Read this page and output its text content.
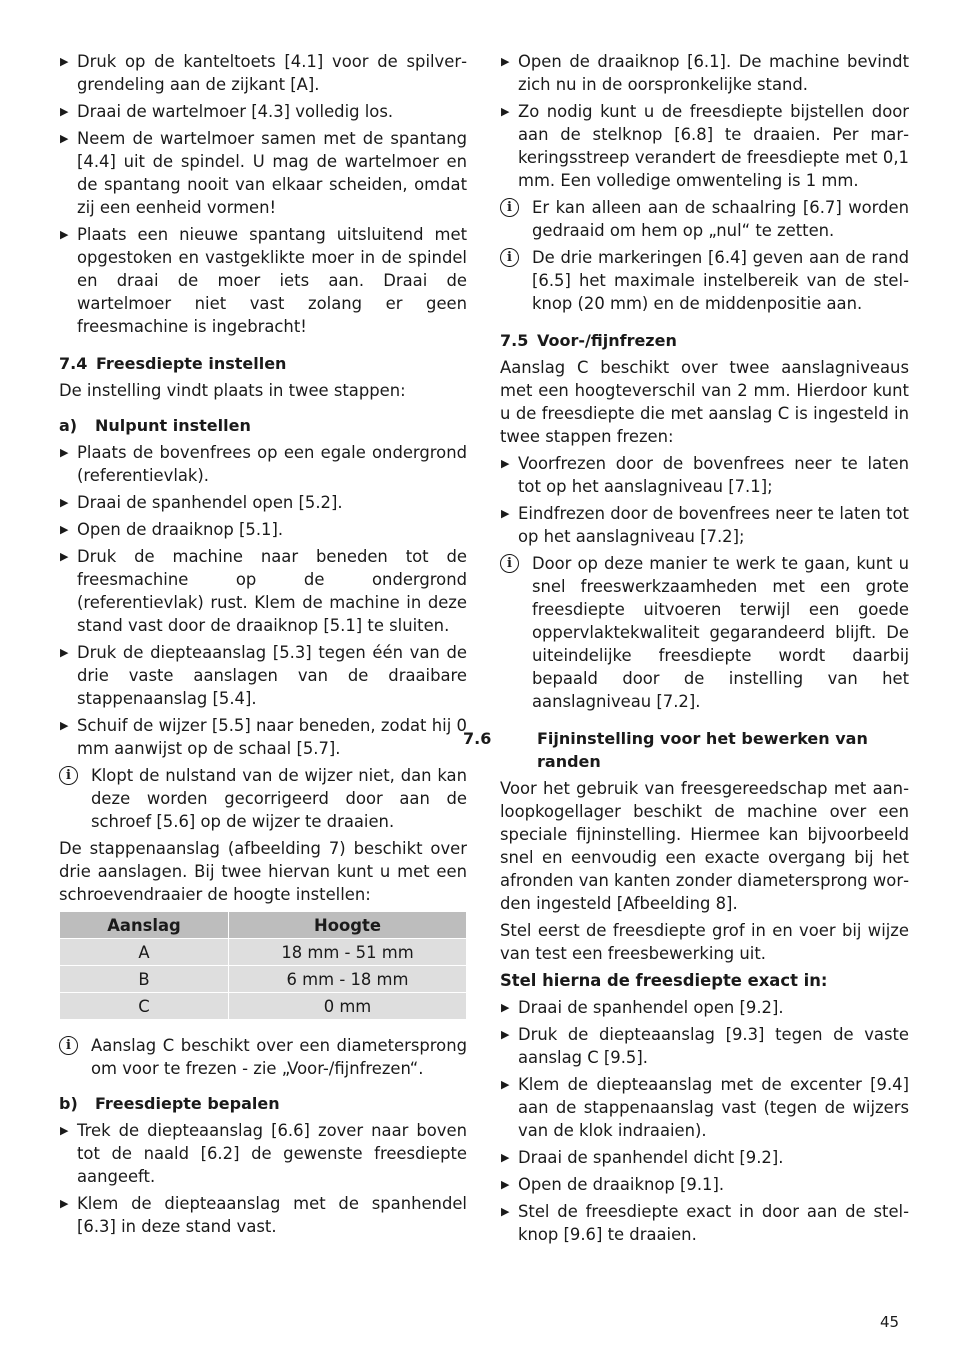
▶ Druk op de kanteltoets [4.1] voor de spilvergrendeling aan de zijkant [A].
▶ Draai de wartelmoer [4.3] volledig los.
▶ Neem de wartelmoer samen met de spantang [4.4] uit de spindel. U mag de wartelmoer en de spantang nooit van elkaar scheiden, omdat zij een eenheid vormen!
▶ Plaats een nieuwe spantang uitsluitend met opgestoken en vastgeklikte moer in de spindel en draai de moer iets aan. Draai de wartelmoer niet vast zolang er geen freesmachine is ingebracht!
7.4 Freesdiepte instellen
De instelling vindt plaats in twee stappen:
a) Nulpunt instellen
▶ Plaats de bovenfrees op een egale ondergrond (referentievlak).
▶ Draai de spanhendel open [5.2].
▶ Open de draaiknop [5.1].
▶ Druk de machine naar beneden tot de freesmachine op de ondergrond (referentievlak) rust. Klem de machine in deze stand vast door de draaiknop [5.1] te sluiten.
▶ Druk de diepteaanslag [5.3] tegen één van de drie vaste aanslagen van de draaibare stappenaanslag [5.4].
▶ Schuif de wijzer [5.5] naar beneden, zodat hij 0 mm aanwijst op de schaal [5.7].
i	Klopt de nulstand van de wijzer niet, dan kan deze worden gecorrigeerd door aan de schroef [5.6] op de wijzer te draaien.
De stappenaanslag (afbeelding 7) beschikt over drie aanslagen. Bij twee hiervan kunt u met een schroevendraaier de hoogte instellen:
Aanslag	Hoogte
A	18 mm - 51 mm
B	6 mm - 18 mm
C	0 mm
i	Aanslag C beschikt over een diametersprong om voor te frezen - zie „Voor-/fijnfrezen“.
b) Freesdiepte bepalen
▶ Trek de diepteaanslag [6.6] zover naar boven tot de naald [6.2] de gewenste freesdiepte aangeeft.
▶ Klem de diepteaanslag met de spanhendel [6.3] in deze stand vast.
▶ Open de draaiknop [6.1]. De machine bevindt zich nu in de oorspronkelijke stand.
▶ Zo nodig kunt u de freesdiepte bijstellen door aan de stelknop [6.8] te draaien. Per markeringsstreep verandert de freesdiepte met 0,1 mm. Een volledige omwenteling is 1 mm.
i	Er kan alleen aan de schaalring [6.7] worden gedraaid om hem op „nul“ te zetten.
i	De drie markeringen [6.4] geven aan de rand [6.5] het maximale instelbereik van de stelknop (20 mm) en de middenpositie aan.
7.5 Voor-/fijnfrezen
Aanslag C beschikt over twee aanslagniveaus met een hoogteverschil van 2 mm. Hierdoor kunt u de freesdiepte die met aanslag C is ingesteld in twee stappen frezen:
▶ Voorfrezen door de bovenfrees neer te laten tot op het aanslagniveau [7.1];
▶ Eindfrezen door de bovenfrees neer te laten tot op het aanslagniveau [7.2];
i	Door op deze manier te werk te gaan, kunt u snel freeswerkzaamheden met een grote freesdiepte uitvoeren terwijl een goede oppervlaktekwaliteit gegarandeerd blijft. De uiteindelijke freesdiepte wordt daarbij bepaald door de instelling van het aanslagniveau [7.2].
7.6	Fijninstelling voor het bewerken van randen
Voor het gebruik van freesgereedschap met aanloopkogellager beschikt de machine over een speciale fijninstelling. Hiermee kan bijvoorbeeld snel en eenvoudig een exacte overgang bij het afronden van kanten zonder diametersprong worden ingesteld [Afbeelding 8].
Stel eerst de freesdiepte grof in en voer bij wijze van test een freesbewerking uit.
Stel hierna de freesdiepte exact in:
▶ Draai de spanhendel open [9.2].
▶ Druk de diepteaanslag [9.3] tegen de vaste aanslag C [9.5].
▶ Klem de diepteaanslag met de excenter [9.4] aan de stappenaanslag vast (tegen de wijzers van de klok indraaien).
▶ Draai de spanhendel dicht [9.2].
▶ Open de draaiknop [9.1].
▶ Stel de freesdiepte exact in door aan de stelknop [9.6] te draaien.
45
